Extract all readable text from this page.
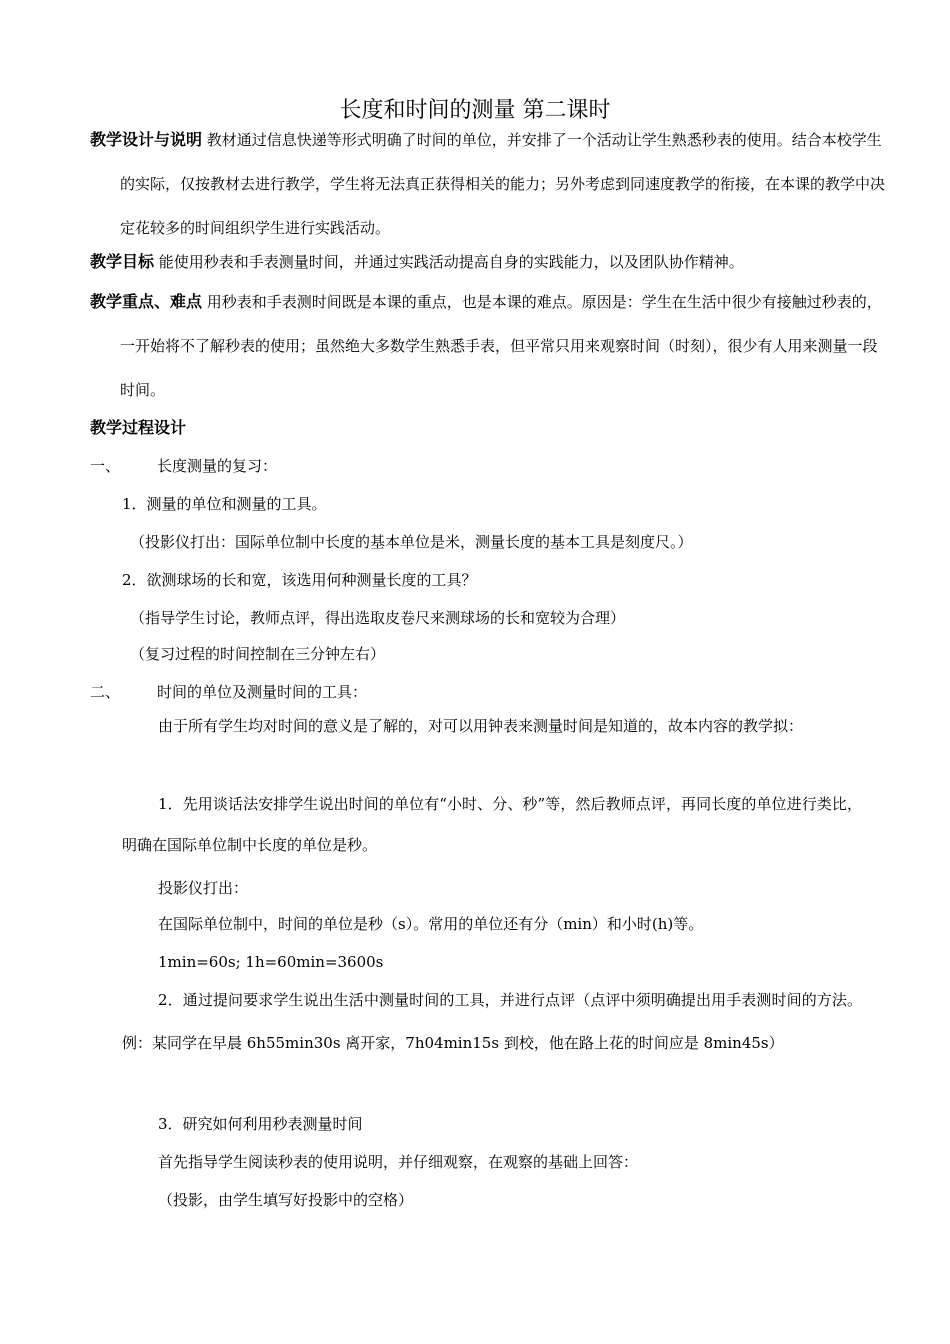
长度和时间的测量 第二课时
教学设计与说明 教材通过信息快递等形式明确了时间的单位，并安排了一个活动让学生熟悉秒表的使用。结合本校学生的实际，仅按教材去进行教学，学生将无法真正获得相关的能力；另外考虑到同速度教学的衔接，在本课的教学中决定花较多的时间组织学生进行实践活动。
教学目标 能使用秒表和手表测量时间，并通过实践活动提高自身的实践能力，以及团队协作精神。
教学重点、难点 用秒表和手表测时间既是本课的重点，也是本课的难点。原因是：学生在生活中很少有接触过秒表的，一开始将不了解秒表的使用；虽然绝大多数学生熟悉手表，但平常只用来观察时间（时刻），很少有人用来测量一段时间。
教学过程设计
一、 长度测量的复习：
1．测量的单位和测量的工具。
（投影仪打出：国际单位制中长度的基本单位是米，测量长度的基本工具是刻度尺。）
2．欲测球场的长和宽，该选用何种测量长度的工具？
（指导学生讨论，教师点评，得出选取皮卷尺来测球场的长和宽较为合理）
（复习过程的时间控制在三分钟左右）
二、 时间的单位及测量时间的工具：
由于所有学生均对时间的意义是了解的，对可以用钟表来测量时间是知道的，故本内容的教学拟：
1．先用谈话法安排学生说出时间的单位有“小时、分、秒”等，然后教师点评，再同长度的单位进行类比，明确在国际单位制中长度的单位是秒。
投影仪打出：
在国际单位制中，时间的单位是秒（s）。常用的单位还有分（min）和小时(h)等。
1min=60s; 1h=60min=3600s
2．通过提问要求学生说出生活中测量时间的工具，并进行点评（点评中须明确提出用手表测时间的方法。例：某同学在早晨 6h55min30s 离开家，7h04min15s 到校，他在路上花的时间应是 8min45s）
3．研究如何利用秒表测量时间
首先指导学生阅读秒表的使用说明，并仔细观察，在观察的基础上回答：
（投影，由学生填写好投影中的空格）
